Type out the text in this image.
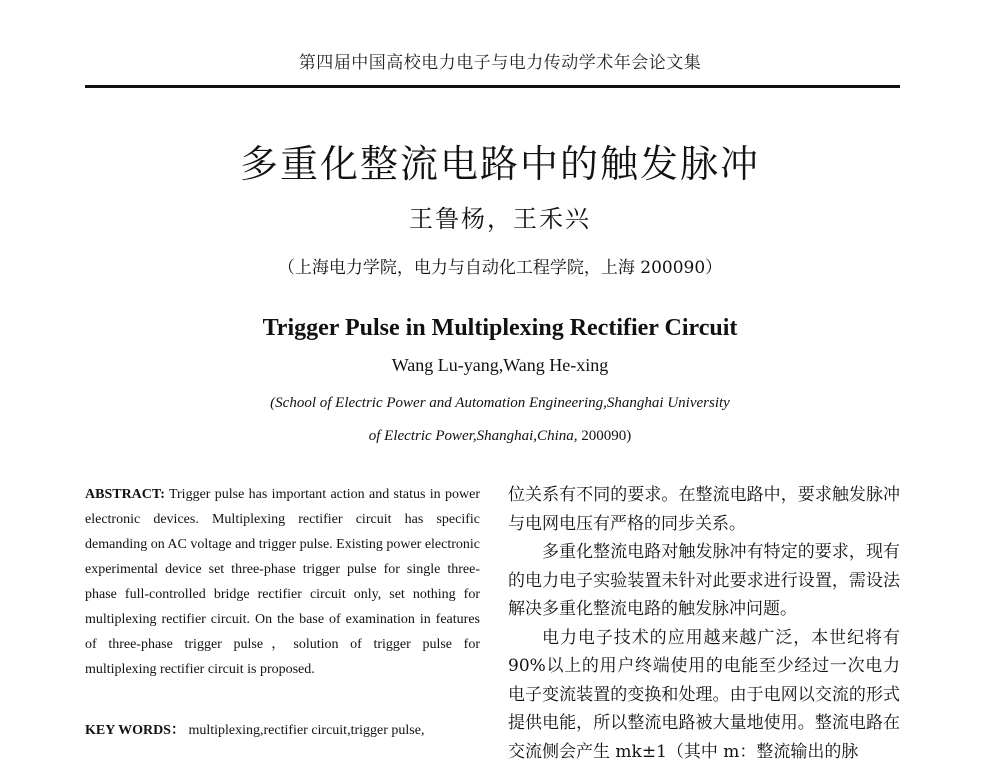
第四届中国高校电力电子与电力传动学术年会论文集
多重化整流电路中的触发脉冲
王鲁杨，王禾兴
（上海电力学院，电力与自动化工程学院，上海 200090）
Trigger Pulse in Multiplexing Rectifier Circuit
Wang Lu-yang,Wang He-xing
(School of Electric Power and Automation Engineering,Shanghai University
of Electric Power,Shanghai,China, 200090)
ABSTRACT: Trigger pulse has important action and status in power electronic devices. Multiplexing rectifier circuit has specific demanding on AC voltage and trigger pulse. Existing power electronic experimental device set three-phase trigger pulse for single three-phase full-controlled bridge rectifier circuit only, set nothing for multiplexing rectifier circuit. On the base of examination in features of three-phase trigger pulse，solution of trigger pulse for multiplexing rectifier circuit is proposed.
KEY WORDS： multiplexing,rectifier circuit,trigger pulse,

位关系有不同的要求。在整流电路中，要求触发脉冲与电网电压有严格的同步关系。

多重化整流电路对触发脉冲有特定的要求，现有的电力电子实验装置未针对此要求进行设置，需设法解决多重化整流电路的触发脉冲问题。

电力电子技术的应用越来越广泛，本世纪将有90%以上的用户终端使用的电能至少经过一次电力电子变流装置的变换和处理。由于电网以交流的形式提供电能，所以整流电路被大量地使用。整流电路在交流侧会产生 mk±1（其中 m：整流输出的脉
